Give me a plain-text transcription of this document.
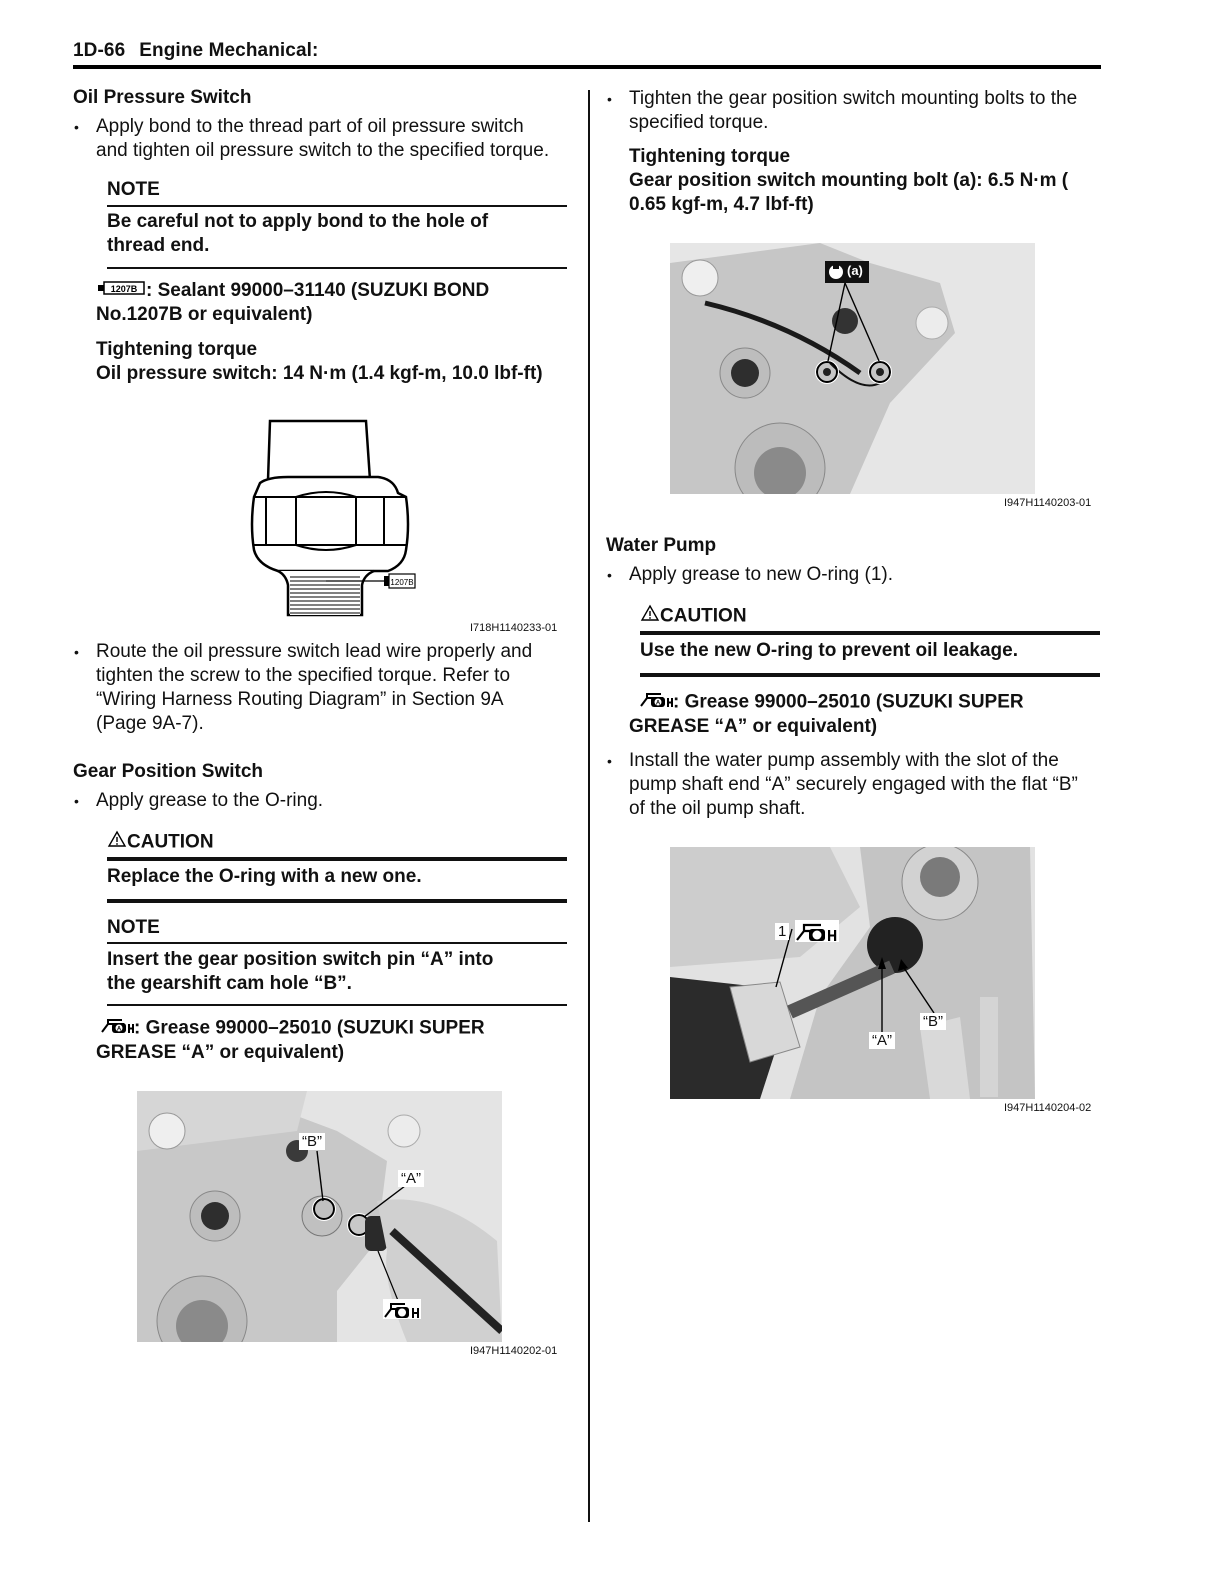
1D-66 Engine Mechanical:
Oil Pressure Switch
• Apply bond to the thread part of oil pressure switch
and tighten oil pressure switch to the specified torque.
NOTE
Be careful not to apply bond to the hole of
thread end.
1207B : Sealant 99000–31140 (SUZUKI BOND
No.1207B or equivalent)
Tightening torque
Oil pressure switch: 14 N·m (1.4 kgf-m, 10.0 lbf-ft)
1207B
I718H1140233-01
• Route the oil pressure switch lead wire properly and
tighten the screw to the specified torque. Refer to
“Wiring Harness Routing Diagram” in Section 9A
(Page 9A-7).
Gear Position Switch
• Apply grease to the O-ring.
CAUTION
Replace the O-ring with a new one.
NOTE
Insert the gear position switch pin “A” into
the gearshift cam hole “B”.
A : Grease 99000–25010 (SUZUKI SUPER
GREASE “A” or equivalent)
“B”
“A”
I947H1140202-01
• Tighten the gear position switch mounting bolts to the
specified torque.
Tightening torque
Gear position switch mounting bolt (a): 6.5 N·m (
0.65 kgf-m, 4.7 lbf-ft)
(a)
I947H1140203-01
Water Pump
• Apply grease to new O-ring (1).
CAUTION
Use the new O-ring to prevent oil leakage.
A : Grease 99000–25010 (SUZUKI SUPER
GREASE “A” or equivalent)
• Install the water pump assembly with the slot of the
pump shaft end “A” securely engaged with the flat “B”
of the oil pump shaft.
1
“A”
“B”
I947H1140204-02
